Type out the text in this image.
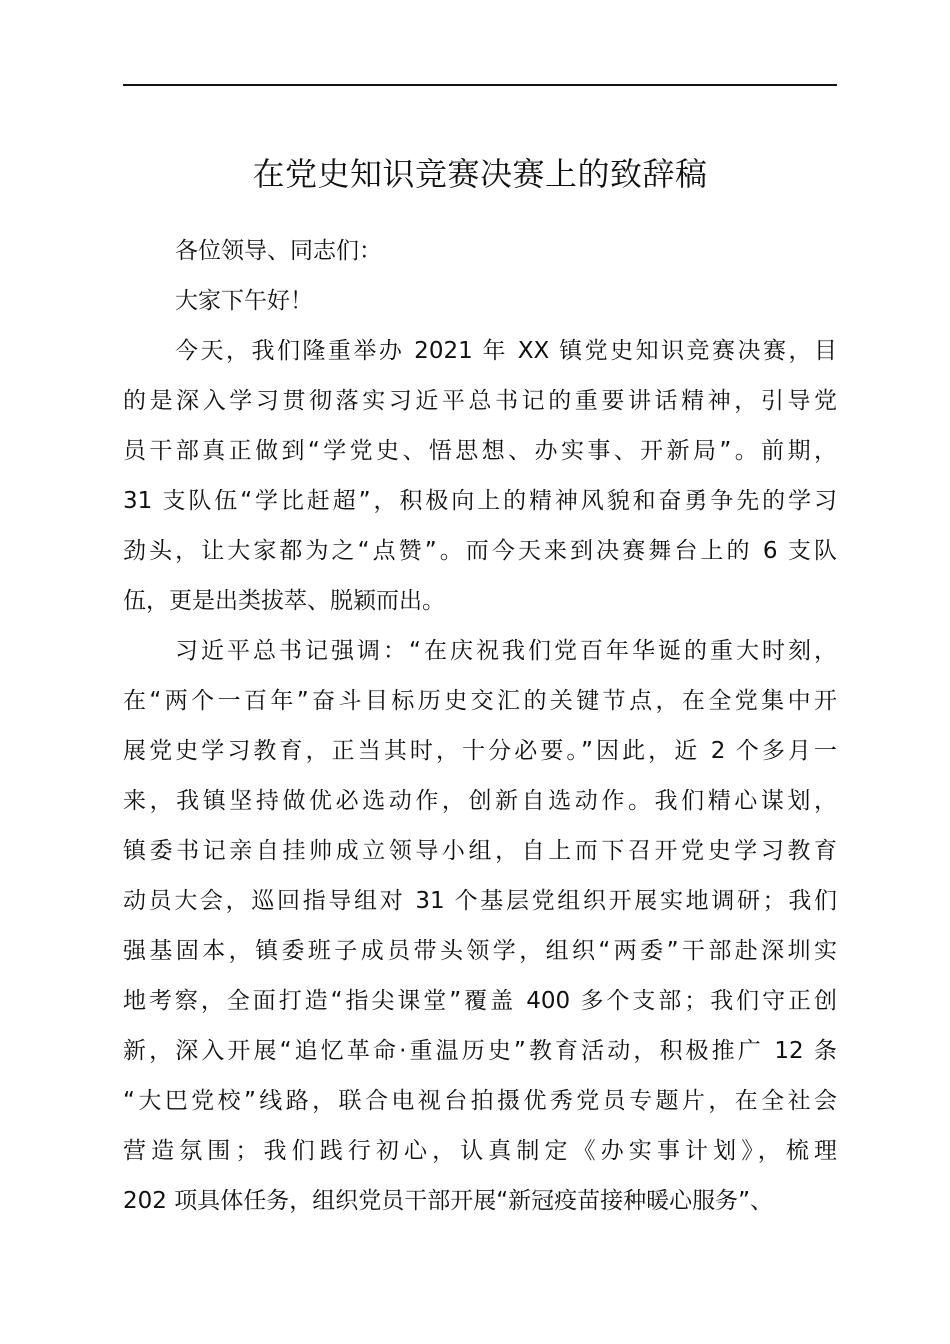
在党史知识竞赛决赛上的致辞稿
各位领导、同志们：
大家下午好！
今天，我们隆重举办 2021 年 XX 镇党史知识竞赛决赛，目
的是深入学习贯彻落实习近平总书记的重要讲话精神，引导党
员干部真正做到“学党史、悟思想、办实事、开新局”。前期，
31 支队伍“学比赶超”，积极向上的精神风貌和奋勇争先的学习
劲头，让大家都为之“点赞”。而今天来到决赛舞台上的 6 支队
伍，更是出类拔萃、脱颖而出。
习近平总书记强调：“在庆祝我们党百年华诞的重大时刻，
在“两个一百年”奋斗目标历史交汇的关键节点，在全党集中开
展党史学习教育，正当其时，十分必要。”因此，近 2 个多月一
来，我镇坚持做优必选动作，创新自选动作。我们精心谋划，
镇委书记亲自挂帅成立领导小组，自上而下召开党史学习教育
动员大会，巡回指导组对 31 个基层党组织开展实地调研；我们
强基固本，镇委班子成员带头领学，组织“两委”干部赴深圳实
地考察，全面打造“指尖课堂”覆盖 400 多个支部；我们守正创
新，深入开展“追忆革命·重温历史”教育活动，积极推广 12 条
“大巴党校”线路，联合电视台拍摄优秀党员专题片，在全社会
营造氛围；我们践行初心，认真制定《办实事计划》，梳理
202 项具体任务，组织党员干部开展“新冠疫苗接种暖心服务”、
